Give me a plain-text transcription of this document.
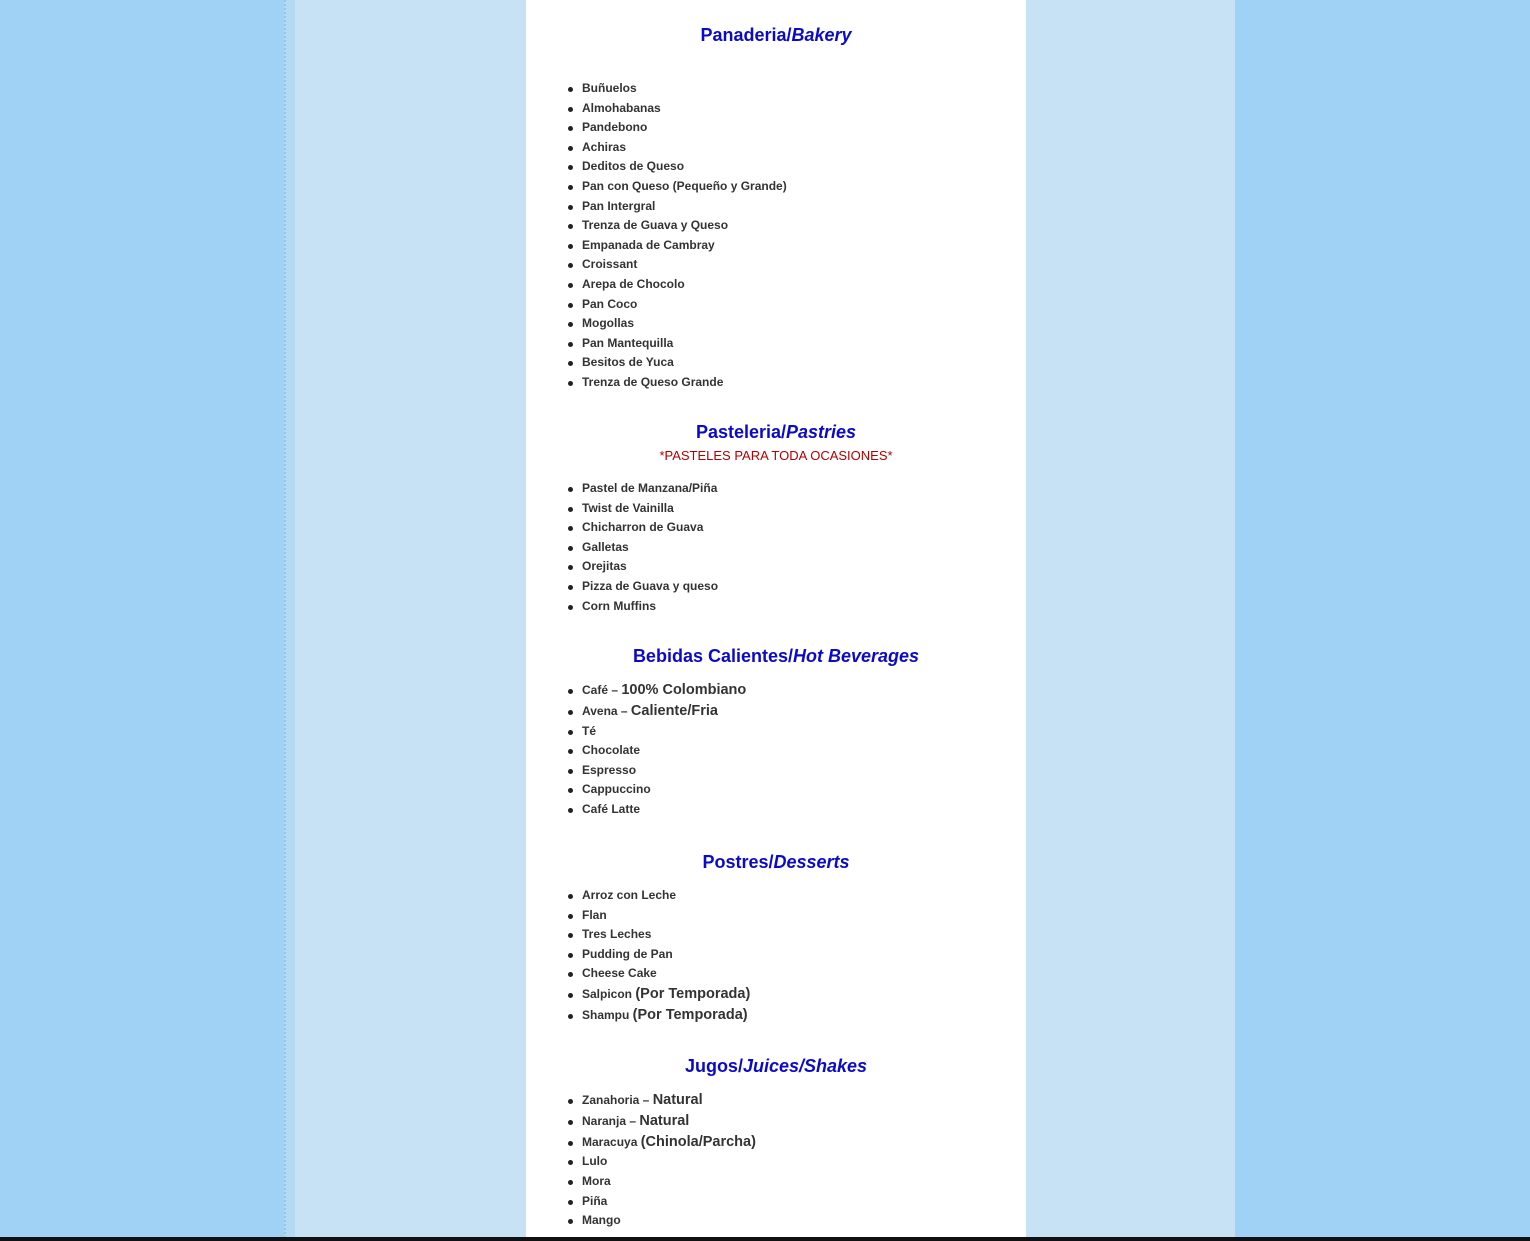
Panaderia/Bakery
Buñuelos
Almohabanas
Pandebono
Achiras
Deditos de Queso
Pan con Queso (Pequeño y Grande)
Pan Intergral
Trenza de Guava y Queso
Empanada de Cambray
Croissant
Arepa de Chocolo
Pan Coco
Mogollas
Pan Mantequilla
Besitos de Yuca
Trenza de Queso Grande
Pasteleria/Pastries
*PASTELES PARA TODA OCASIONES*
Pastel de Manzana/Piña
Twist de Vainilla
Chicharron de Guava
Galletas
Orejitas
Pizza de Guava y queso
Corn Muffins
Bebidas Calientes/Hot Beverages
Café – 100% Colombiano
Avena – Caliente/Fria
Té
Chocolate
Espresso
Cappuccino
Café Latte
Postres/Desserts
Arroz con Leche
Flan
Tres Leches
Pudding de Pan
Cheese Cake
Salpicon (Por Temporada)
Shampu (Por Temporada)
Jugos/Juices/Shakes
Zanahoria – Natural
Naranja – Natural
Maracuya (Chinola/Parcha)
Lulo
Mora
Piña
Mango
